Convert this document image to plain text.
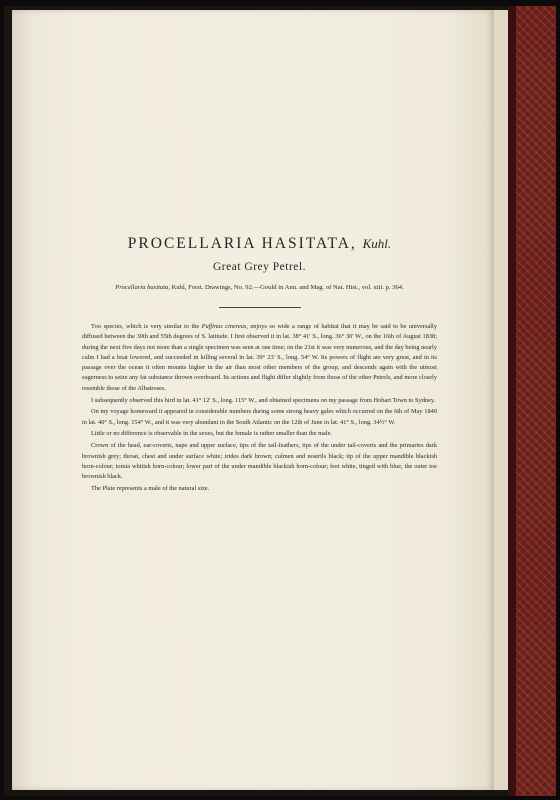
PROCELLARIA HASITATA, Kuhl.
Great Grey Petrel.
Procellaria hasitata, Kuhl, Forst. Drawings, No. 92.—Gould in Ann. and Mag. of Nat. Hist., vol. xiii. p. 364.

This species, which is very similar to the Puffinus cinereus, enjoys so wide a range of habitat that it may be said to be universally diffused between the 30th and 55th degrees of S. latitude. I first observed it in lat. 38° 41′ S., long. 36° 30′ W., on the 16th of August 1838; during the next five days not more than a single specimen was seen at one time; on the 21st it was very numerous, and the day being nearly calm I had a boat lowered, and succeeded in killing several in lat. 39° 23′ S., long. 54° W. Its powers of flight are very great, and in its passage over the ocean it often mounts higher in the air than most other members of the group, and descends again with the utmost eagerness to seize any fat substance thrown overboard. Its actions and flight differ slightly from those of the other Petrels, and more closely resemble those of the Albatroses.

I subsequently observed this bird in lat. 41° 12′ S., long. 115° W., and obtained specimens on my passage from Hobart Town to Sydney.

On my voyage homeward it appeared in considerable numbers during some strong heavy gales which occurred on the 6th of May 1840 in lat. 40° S., long. 154° W., and it was very abundant in the South Atlantic on the 12th of June in lat. 41° S., long. 34½° W.

Little or no difference is observable in the sexes, but the female is rather smaller than the male.

Crown of the head, ear-coverts, nape and upper surface, tips of the tail-feathers, tips of the under tail-coverts and the primaries dark brownish grey; throat, chest and under surface white; irides dark brown; culmen and nostrils black; tip of the upper mandible blackish horn-colour; tomia whitish horn-colour; lower part of the under mandible blackish horn-colour; feet white, tinged with blue, the outer toe brownish black.

The Plate represents a male of the natural size.
